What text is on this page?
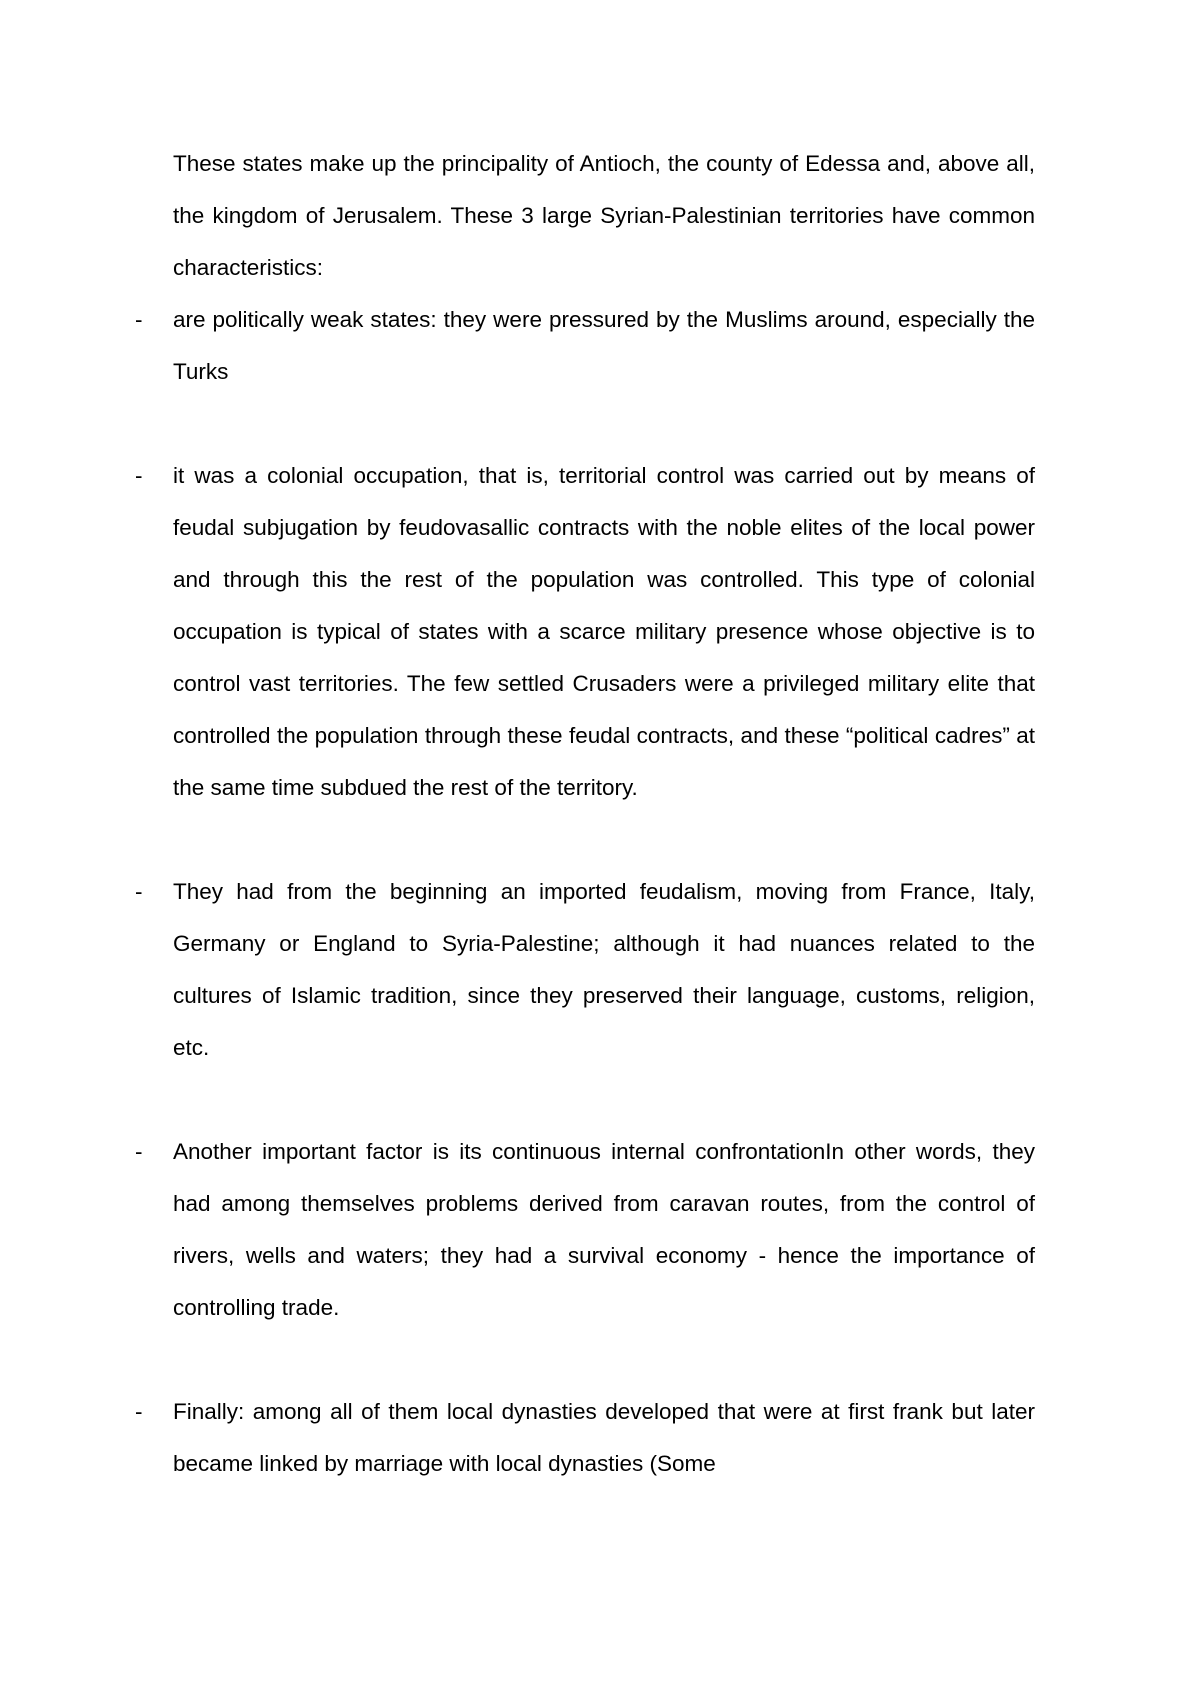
These states make up the principality of Antioch, the county of Edessa and, above all, the kingdom of Jerusalem. These 3 large Syrian-Palestinian territories have common characteristics:

- are politically weak states: they were pressured by the Muslims around, especially the Turks

- it was a colonial occupation, that is, territorial control was carried out by means of feudal subjugation by feudovasallic contracts with the noble elites of the local power and through this the rest of the population was controlled. This type of colonial occupation is typical of states with a scarce military presence whose objective is to control vast territories. The few settled Crusaders were a privileged military elite that controlled the population through these feudal contracts, and these “political cadres” at the same time subdued the rest of the territory.

- They had from the beginning an imported feudalism, moving from France, Italy, Germany or England to Syria-Palestine; although it had nuances related to the cultures of Islamic tradition, since they preserved their language, customs, religion, etc.

- Another important factor is its continuous internal confrontationIn other words, they had among themselves problems derived from caravan routes, from the control of rivers, wells and waters; they had a survival economy - hence the importance of controlling trade.

- Finally: among all of them local dynasties developed that were at first frank but later became linked by marriage with local dynasties (Some
